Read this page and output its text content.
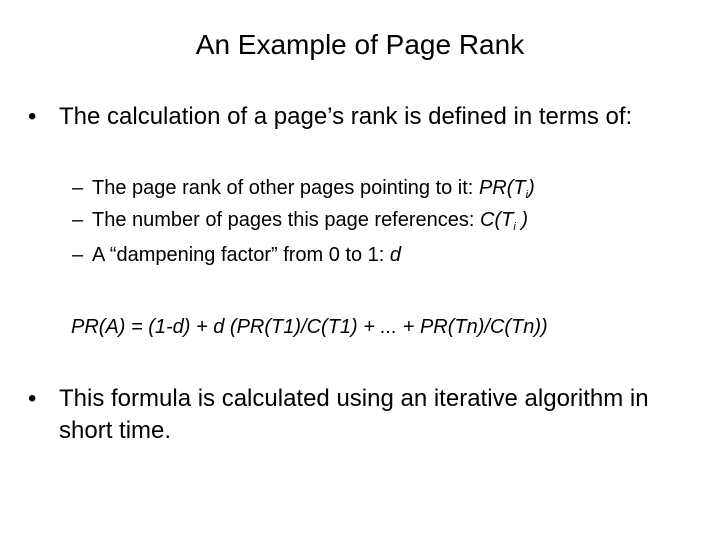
An Example of Page Rank
• The calculation of a page’s rank is defined in terms of:
– The page rank of other pages pointing to it: $PR(T_i)$
– The number of pages this page references: $C(T_i$ )
– A “dampening factor” from 0 to 1: d
PR(A) = (1-d) + d (PR(T1)/C(T1) + ... + PR(Tn)/C(Tn))
• This formula is calculated using an iterative algorithm in short time.
